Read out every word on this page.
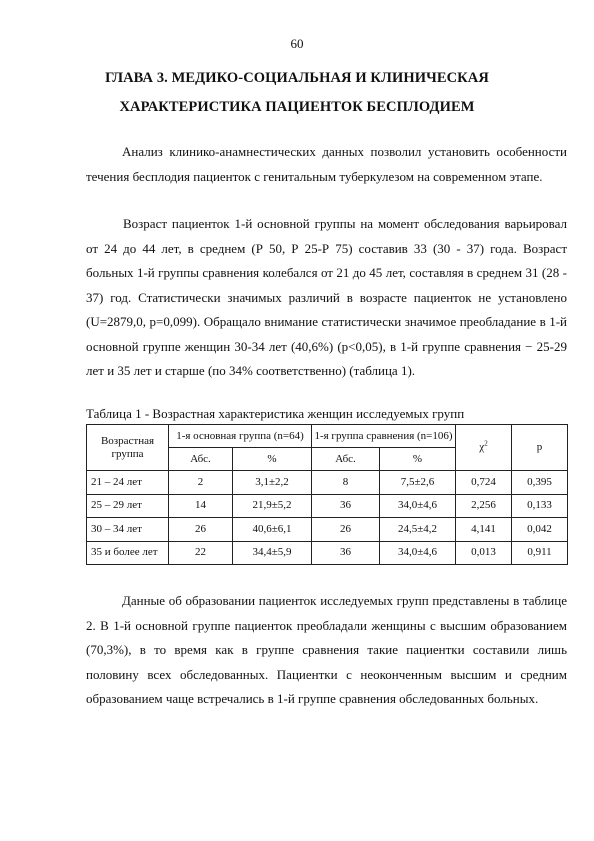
60
ГЛАВА 3. МЕДИКО-СОЦИАЛЬНАЯ И КЛИНИЧЕСКАЯ
ХАРАКТЕРИСТИКА ПАЦИЕНТОК БЕСПЛОДИЕМ

Анализ клинико-анамнестических данных позволил установить особенности течения бесплодия пациенток с генитальным туберкулезом на современном этапе.

Возраст пациенток 1-й основной группы на момент обследования варьировал от 24 до 44 лет, в среднем (Р 50, Р 25-Р 75) составив 33 (30 - 37) года. Возраст больных 1-й группы сравнения колебался от 21 до 45 лет, составляя в среднем 31 (28 - 37) год. Статистически значимых различий в возрасте пациенток не установлено (U=2879,0, р=0,099). Обращало внимание статистически значимое преобладание в 1-й основной группе женщин 30-34 лет (40,6%) (р<0,05), в 1-й группе сравнения − 25-29 лет и 35 лет и старше (по 34% соответственно) (таблица 1).

Таблица 1 - Возрастная характеристика женщин исследуемых групп
Возрастная группа	1-я основная группа (n=64)		1-я группа сравнения (n=106)		$\chi^2$	р
	Абс.	%	Абс.	%		
21 – 24 лет	2	3,1±2,2	8	7,5±2,6	0,724	0,395
25 – 29 лет	14	21,9±5,2	36	34,0±4,6	2,256	0,133
30 – 34 лет	26	40,6±6,1	26	24,5±4,2	4,141	0,042
35 и более лет	22	34,4±5,9	36	34,0±4,6	0,013	0,911

Данные об образовании пациенток исследуемых групп представлены в таблице 2. В 1-й основной группе пациенток преобладали женщины с высшим образованием (70,3%), в то время как в группе сравнения такие пациентки составили лишь половину всех обследованных. Пациентки с неоконченным высшим и средним образованием чаще встречались в 1-й группе сравнения обследованных больных.
